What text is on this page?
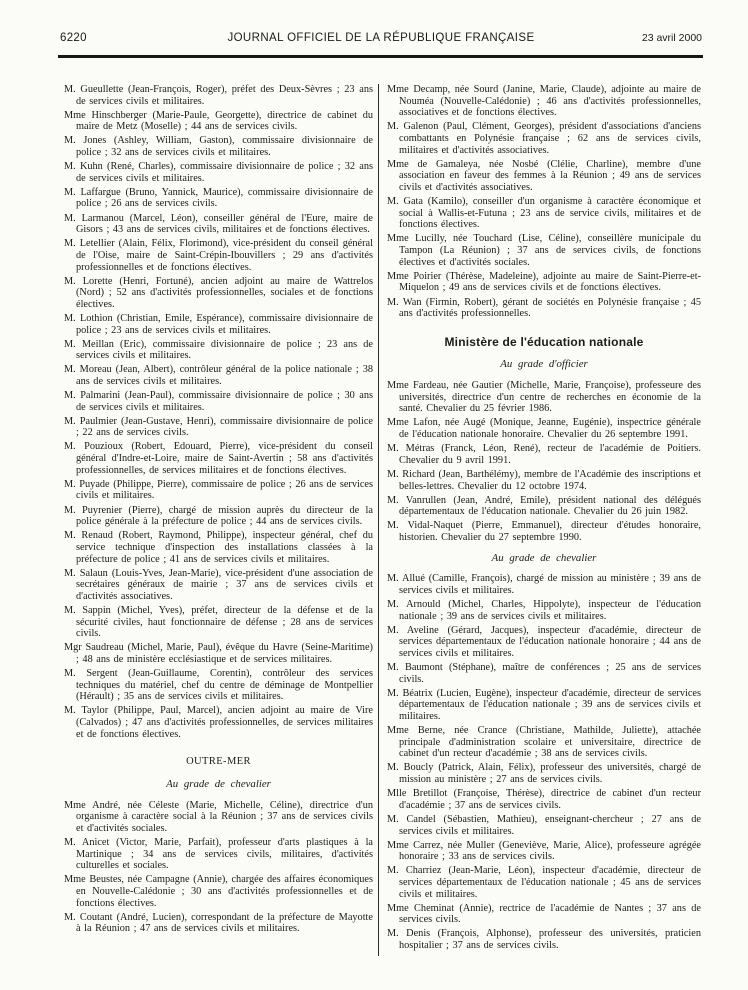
6220	JOURNAL OFFICIEL DE LA RÉPUBLIQUE FRANÇAISE	23 avril 2000

M. Gueullette (Jean-François, Roger), préfet des Deux-Sèvres ; 23 ans de services civils et militaires.

Mme Hinschberger (Marie-Paule, Georgette), directrice de cabinet du maire de Metz (Moselle) ; 44 ans de services civils.

M. Jones (Ashley, William, Gaston), commissaire divisionnaire de police ; 32 ans de services civils et militaires.

M. Kuhn (René, Charles), commissaire divisionnaire de police ; 32 ans de services civils et militaires.

M. Laffargue (Bruno, Yannick, Maurice), commissaire divisionnaire de police ; 26 ans de services civils.

M. Larmanou (Marcel, Léon), conseiller général de l'Eure, maire de Gisors ; 43 ans de services civils, militaires et de fonctions électives.

M. Letellier (Alain, Félix, Florimond), vice-président du conseil général de l'Oise, maire de Saint-Crépin-Ibouvillers ; 29 ans d'activités professionnelles et de fonctions électives.

M. Lorette (Henri, Fortuné), ancien adjoint au maire de Wattrelos (Nord) ; 52 ans d'activités professionnelles, sociales et de fonctions électives.

M. Lothion (Christian, Emile, Espérance), commissaire divisionnaire de police ; 23 ans de services civils et militaires.

M. Meillan (Eric), commissaire divisionnaire de police ; 23 ans de services civils et militaires.

M. Moreau (Jean, Albert), contrôleur général de la police nationale ; 38 ans de services civils et militaires.

M. Palmarini (Jean-Paul), commissaire divisionnaire de police ; 30 ans de services civils et militaires.

M. Paulmier (Jean-Gustave, Henri), commissaire divisionnaire de police ; 22 ans de services civils.

M. Pouzioux (Robert, Edouard, Pierre), vice-président du conseil général d'Indre-et-Loire, maire de Saint-Avertin ; 58 ans d'activités professionnelles, de services militaires et de fonctions électives.

M. Puyade (Philippe, Pierre), commissaire de police ; 26 ans de services civils et militaires.

M. Puyrenier (Pierre), chargé de mission auprès du directeur de la police générale à la préfecture de police ; 44 ans de services civils.

M. Renaud (Robert, Raymond, Philippe), inspecteur général, chef du service technique d'inspection des installations classées à la préfecture de police ; 41 ans de services civils et militaires.

M. Salaun (Louis-Yves, Jean-Marie), vice-président d'une association de secrétaires généraux de mairie ; 37 ans de services civils et d'activités associatives.

M. Sappin (Michel, Yves), préfet, directeur de la défense et de la sécurité civiles, haut fonctionnaire de défense ; 28 ans de services civils.

Mgr Saudreau (Michel, Marie, Paul), évêque du Havre (Seine-Maritime) ; 48 ans de ministère ecclésiastique et de services militaires.

M. Sergent (Jean-Guillaume, Corentin), contrôleur des services techniques du matériel, chef du centre de déminage de Montpellier (Hérault) ; 35 ans de services civils et militaires.

M. Taylor (Philippe, Paul, Marcel), ancien adjoint au maire de Vire (Calvados) ; 47 ans d'activités professionnelles, de services militaires et de fonctions électives.

OUTRE-MER

Au grade de chevalier

Mme André, née Céleste (Marie, Michelle, Céline), directrice d'un organisme à caractère social à la Réunion ; 37 ans de services civils et d'activités sociales.

M. Anicet (Victor, Marie, Parfait), professeur d'arts plastiques à la Martinique ; 34 ans de services civils, militaires, d'activités culturelles et sociales.

Mme Beustes, née Campagne (Annie), chargée des affaires économiques en Nouvelle-Calédonie ; 30 ans d'activités professionnelles et de fonctions électives.

M. Coutant (André, Lucien), correspondant de la préfecture de Mayotte à la Réunion ; 47 ans de services civils et militaires.

Mme Decamp, née Sourd (Janine, Marie, Claude), adjointe au maire de Nouméa (Nouvelle-Calédonie) ; 46 ans d'activités professionnelles, associatives et de fonctions électives.

M. Galenon (Paul, Clément, Georges), président d'associations d'anciens combattants en Polynésie française ; 62 ans de services civils, militaires et d'activités associatives.

Mme de Gamaleya, née Nosbé (Clélie, Charline), membre d'une association en faveur des femmes à la Réunion ; 49 ans de services civils et d'activités associatives.

M. Gata (Kamilo), conseiller d'un organisme à caractère économique et social à Wallis-et-Futuna ; 23 ans de service civils, militaires et de fonctions électives.

Mme Lucilly, née Touchard (Lise, Céline), conseillère municipale du Tampon (La Réunion) ; 37 ans de services civils, de fonctions électives et d'activités sociales.

Mme Poirier (Thérèse, Madeleine), adjointe au maire de Saint-Pierre-et-Miquelon ; 49 ans de services civils et de fonctions électives.

M. Wan (Firmin, Robert), gérant de sociétés en Polynésie française ; 45 ans d'activités professionnelles.

Ministère de l'éducation nationale

Au grade d'officier

Mme Fardeau, née Gautier (Michelle, Marie, Françoise), professeure des universités, directrice d'un centre de recherches en économie de la santé. Chevalier du 25 février 1986.

Mme Lafon, née Augé (Monique, Jeanne, Eugénie), inspectrice générale de l'éducation nationale honoraire. Chevalier du 26 septembre 1991.

M. Métras (Franck, Léon, René), recteur de l'académie de Poitiers. Chevalier du 9 avril 1991.

M. Richard (Jean, Barthélémy), membre de l'Académie des inscriptions et belles-lettres. Chevalier du 12 octobre 1974.

M. Vanrullen (Jean, André, Emile), président national des délégués départementaux de l'éducation nationale. Chevalier du 26 juin 1982.

M. Vidal-Naquet (Pierre, Emmanuel), directeur d'études honoraire, historien. Chevalier du 27 septembre 1990.

Au grade de chevalier

M. Allué (Camille, François), chargé de mission au ministère ; 39 ans de services civils et militaires.

M. Arnould (Michel, Charles, Hippolyte), inspecteur de l'éducation nationale ; 39 ans de services civils et militaires.

M. Aveline (Gérard, Jacques), inspecteur d'académie, directeur de services départementaux de l'éducation nationale honoraire ; 44 ans de services civils et militaires.

M. Baumont (Stéphane), maître de conférences ; 25 ans de services civils.

M. Béatrix (Lucien, Eugène), inspecteur d'académie, directeur de services départementaux de l'éducation nationale ; 39 ans de services civils et militaires.

Mme Berne, née Crance (Christiane, Mathilde, Juliette), attachée principale d'administration scolaire et universitaire, directrice de cabinet d'un recteur d'académie ; 38 ans de services civils.

M. Boucly (Patrick, Alain, Félix), professeur des universités, chargé de mission au ministère ; 27 ans de services civils.

Mlle Bretillot (Françoise, Thérèse), directrice de cabinet d'un recteur d'académie ; 37 ans de services civils.

M. Candel (Sébastien, Mathieu), enseignant-chercheur ; 27 ans de services civils et militaires.

Mme Carrez, née Muller (Geneviève, Marie, Alice), professeure agrégée honoraire ; 33 ans de services civils.

M. Charriez (Jean-Marie, Léon), inspecteur d'académie, directeur de services départementaux de l'éducation nationale ; 45 ans de services civils et militaires.

Mme Cheminat (Annie), rectrice de l'académie de Nantes ; 37 ans de services civils.

M. Denis (François, Alphonse), professeur des universités, praticien hospitalier ; 37 ans de services civils.
